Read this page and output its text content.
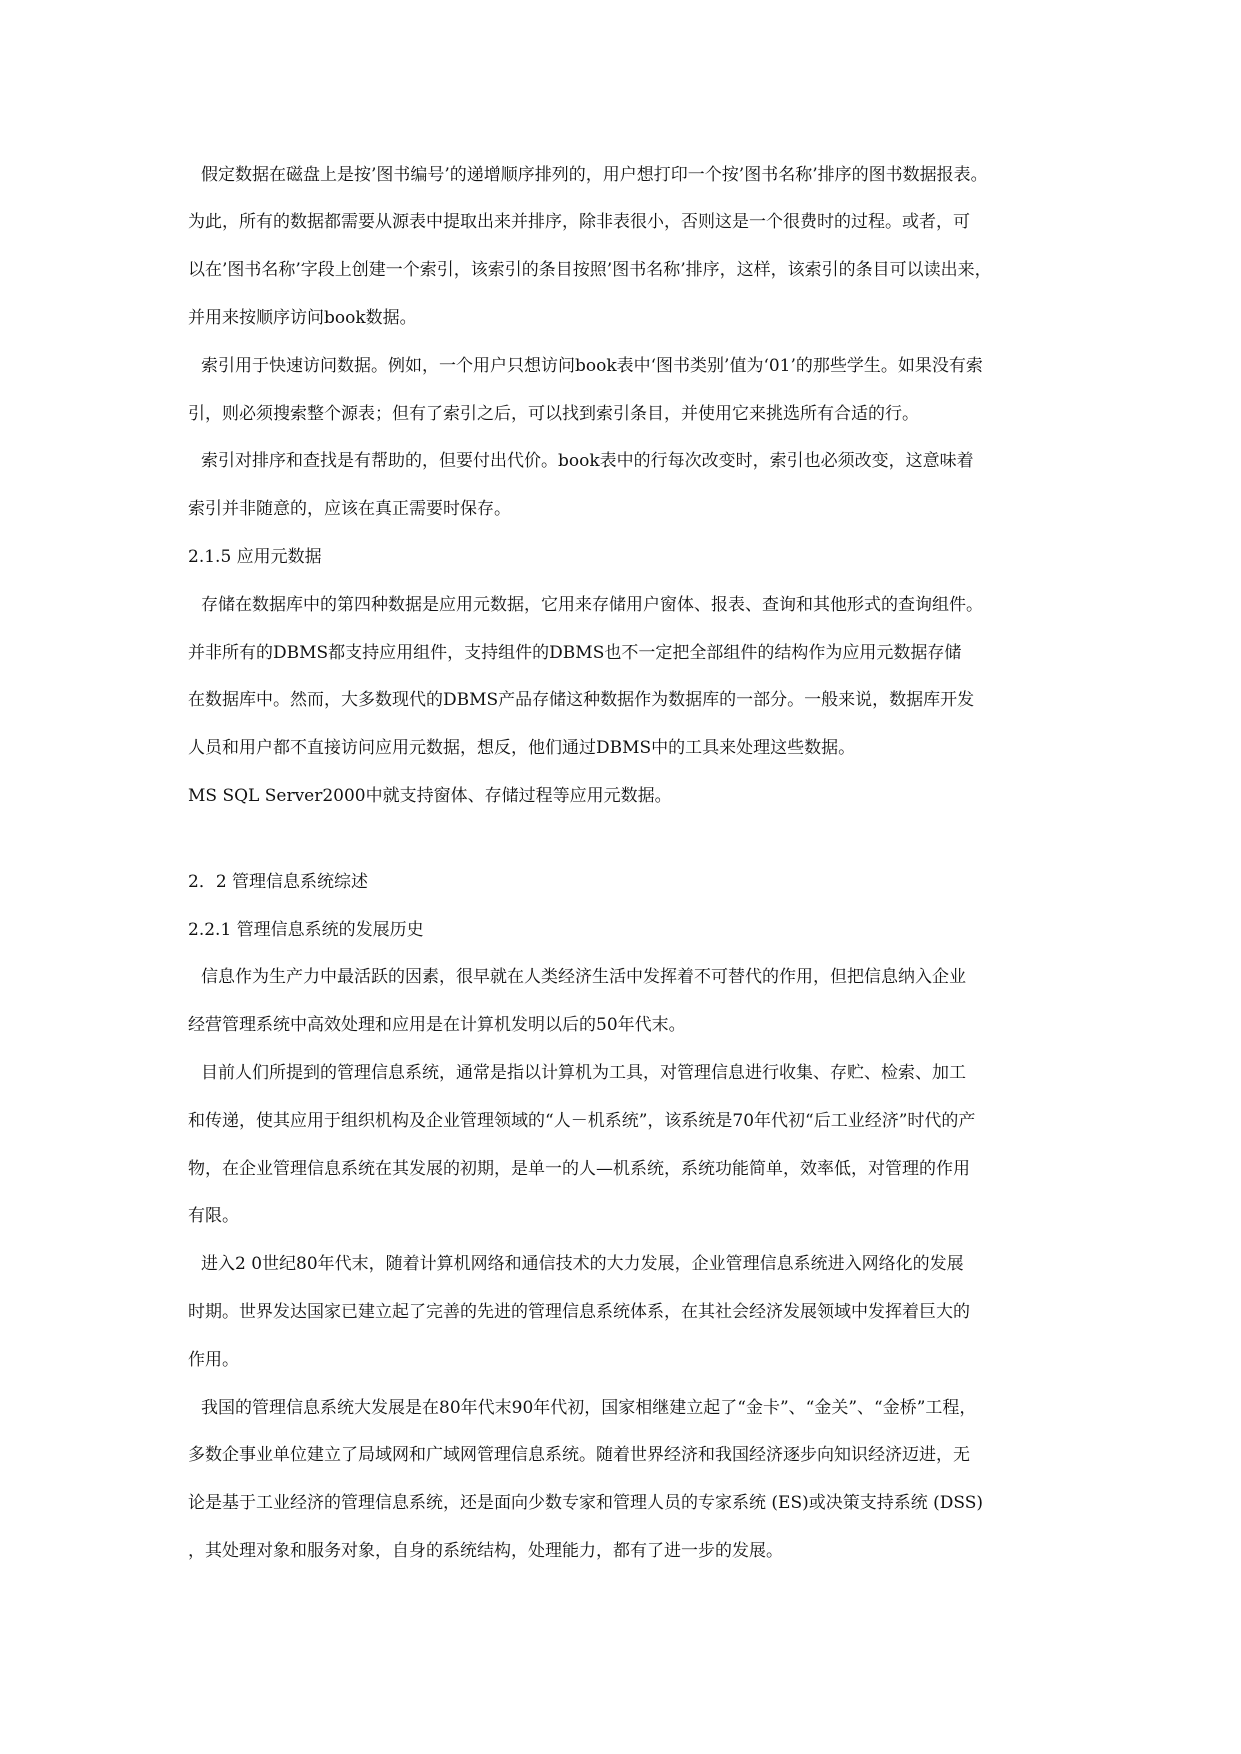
假定数据在磁盘上是按’图书编号’的递增顺序排列的，用户想打印一个按’图书名称’排序的图书数据报表。
为此，所有的数据都需要从源表中提取出来并排序，除非表很小，否则这是一个很费时的过程。或者，可
以在’图书名称’字段上创建一个索引，该索引的条目按照’图书名称’排序，这样，该索引的条目可以读出来，
并用来按顺序访问book数据。
索引用于快速访问数据。例如，一个用户只想访问book表中‘图书类别’值为‘01’的那些学生。如果没有索
引，则必须搜索整个源表；但有了索引之后，可以找到索引条目，并使用它来挑选所有合适的行。
索引对排序和查找是有帮助的，但要付出代价。book表中的行每次改变时，索引也必须改变，这意味着
索引并非随意的，应该在真正需要时保存。
2.1.5 应用元数据
存储在数据库中的第四种数据是应用元数据，它用来存储用户窗体、报表、查询和其他形式的查询组件。
并非所有的DBMS都支持应用组件，支持组件的DBMS也不一定把全部组件的结构作为应用元数据存储
在数据库中。然而，大多数现代的DBMS产品存储这种数据作为数据库的一部分。一般来说，数据库开发
人员和用户都不直接访问应用元数据，想反，他们通过DBMS中的工具来处理这些数据。
MS SQL Server2000中就支持窗体、存储过程等应用元数据。
2．2 管理信息系统综述
2.2.1 管理信息系统的发展历史
信息作为生产力中最活跃的因素，很早就在人类经济生活中发挥着不可替代的作用，但把信息纳入企业
经营管理系统中高效处理和应用是在计算机发明以后的50年代末。
目前人们所提到的管理信息系统，通常是指以计算机为工具，对管理信息进行收集、存贮、检索、加工
和传递，使其应用于组织机构及企业管理领域的“人－机系统”，该系统是70年代初“后工业经济”时代的产
物，在企业管理信息系统在其发展的初期，是单一的人—机系统，系统功能简单，效率低，对管理的作用
有限。
进入2 0世纪80年代末，随着计算机网络和通信技术的大力发展，企业管理信息系统进入网络化的发展
时期。世界发达国家已建立起了完善的先进的管理信息系统体系，在其社会经济发展领域中发挥着巨大的
作用。
我国的管理信息系统大发展是在80年代末90年代初，国家相继建立起了“金卡”、“金关”、“金桥”工程，
多数企事业单位建立了局域网和广域网管理信息系统。随着世界经济和我国经济逐步向知识经济迈进，无
论是基于工业经济的管理信息系统，还是面向少数专家和管理人员的专家系统 (ES)或决策支持系统 (DSS)
，其处理对象和服务对象，自身的系统结构，处理能力，都有了进一步的发展。
